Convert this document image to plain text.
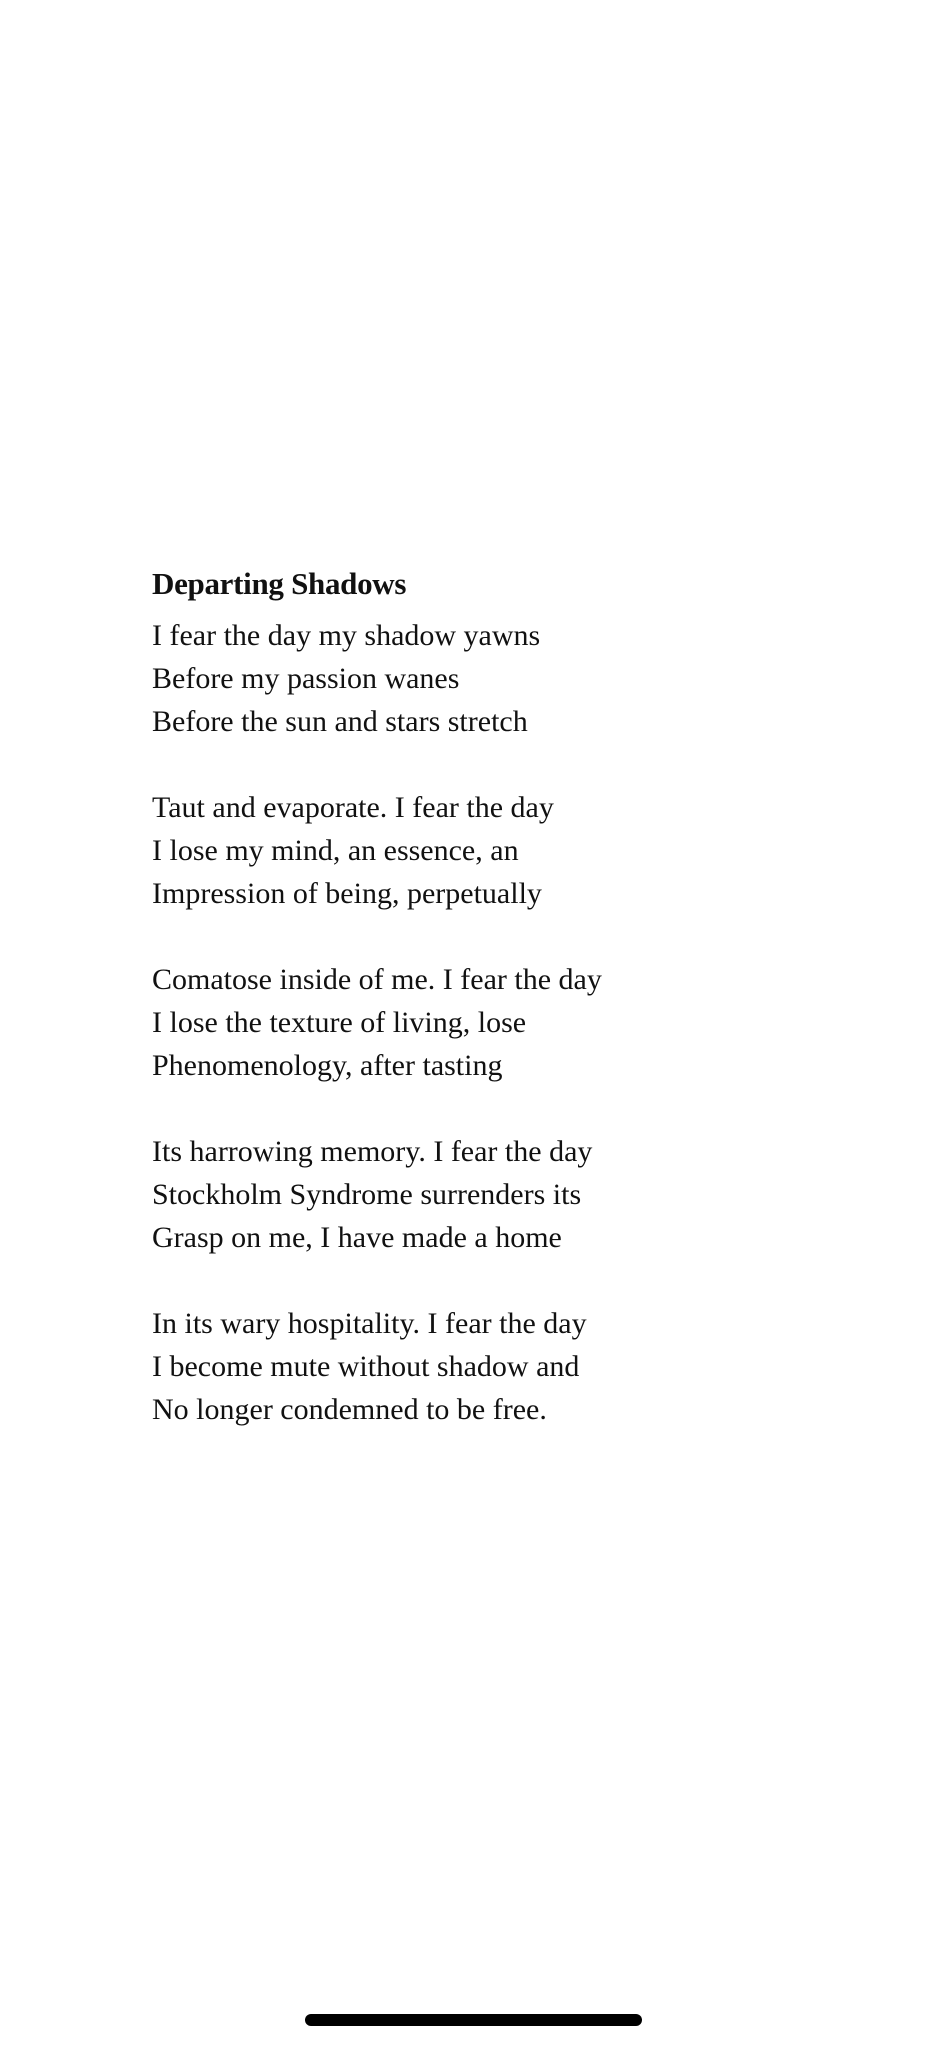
Departing Shadows
I fear the day my shadow yawns
Before my passion wanes
Before the sun and stars stretch
Taut and evaporate. I fear the day
I lose my mind, an essence, an
Impression of being, perpetually
Comatose inside of me. I fear the day
I lose the texture of living, lose
Phenomenology, after tasting
Its harrowing memory. I fear the day
Stockholm Syndrome surrenders its
Grasp on me, I have made a home
In its wary hospitality. I fear the day
I become mute without shadow and
No longer condemned to be free.
